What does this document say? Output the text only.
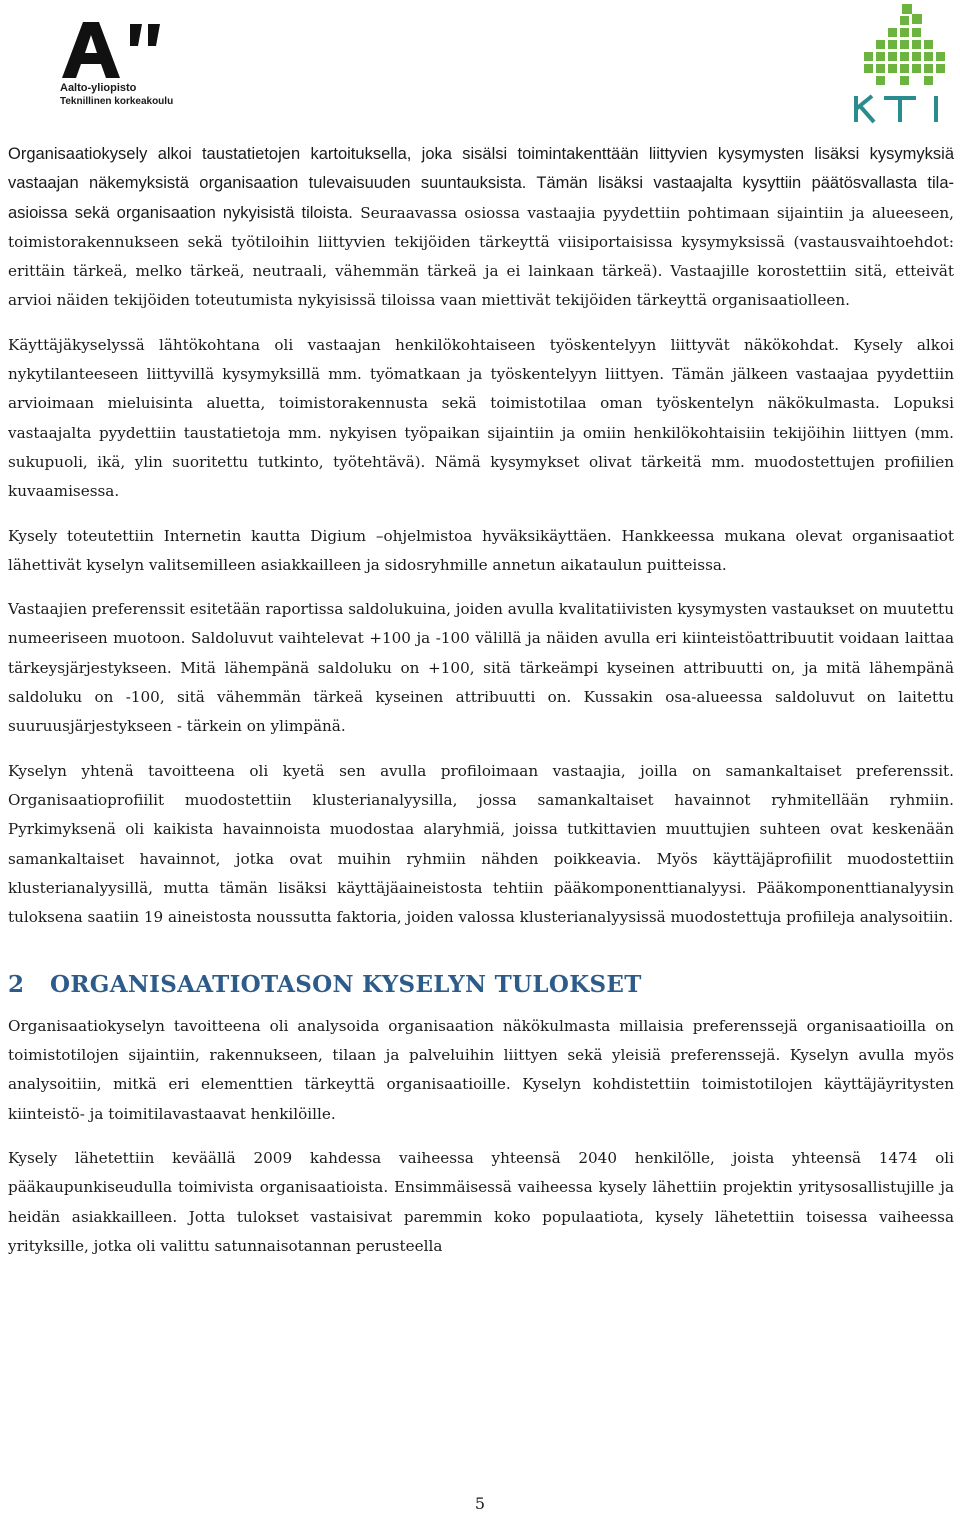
Aalto-yliopisto
Teknillinen korkeakoulu

Organisaatiokysely alkoi taustatietojen kartoituksella, joka sisälsi toimintakenttään liittyvien kysymysten lisäksi kysymyksiä vastaajan näkemyksistä organisaation tulevaisuuden suuntauksista. Tämän lisäksi vastaajalta kysyttiin päätösvallasta tila-asioissa sekä organisaation nykyisistä tiloista. Seuraavassa osiossa vastaajia pyydettiin pohtimaan sijaintiin ja alueeseen, toimistorakennukseen sekä työtiloihin liittyvien tekijöiden tärkeyttä viisiportaisissa kysymyksissä (vastausvaihtoehdot: erittäin tärkeä, melko tärkeä, neutraali, vähemmän tärkeä ja ei lainkaan tärkeä). Vastaajille korostettiin sitä, etteivät arvioi näiden tekijöiden toteutumista nykyisissä tiloissa vaan miettivät tekijöiden tärkeyttä organisaatiolleen.

Käyttäjäkyselyssä lähtökohtana oli vastaajan henkilökohtaiseen työskentelyyn liittyvät näkökohdat. Kysely alkoi nykytilanteeseen liittyvillä kysymyksillä mm. työmatkaan ja työskentelyyn liittyen. Tämän jälkeen vastaajaa pyydettiin arvioimaan mieluisinta aluetta, toimistorakennusta sekä toimistotilaa oman työskentelyn näkökulmasta. Lopuksi vastaajalta pyydettiin taustatietoja mm. nykyisen työpaikan sijaintiin ja omiin henkilökohtaisiin tekijöihin liittyen (mm. sukupuoli, ikä, ylin suoritettu tutkinto, työtehtävä). Nämä kysymykset olivat tärkeitä mm. muodostettujen profiilien kuvaamisessa.

Kysely toteutettiin Internetin kautta Digium –ohjelmistoa hyväksikäyttäen. Hankkeessa mukana olevat organisaatiot lähettivät kyselyn valitsemilleen asiakkailleen ja sidosryhmille annetun aikataulun puitteissa.

Vastaajien preferenssit esitetään raportissa saldolukuina, joiden avulla kvalitatiivisten kysymysten vastaukset on muutettu numeeriseen muotoon. Saldoluvut vaihtelevat +100 ja -100 välillä ja näiden avulla eri kiinteistöattribuutit voidaan laittaa tärkeysjärjestykseen. Mitä lähempänä saldoluku on +100, sitä tärkeämpi kyseinen attribuutti on, ja mitä lähempänä saldoluku on -100, sitä vähemmän tärkeä kyseinen attribuutti on. Kussakin osa-alueessa saldoluvut on laitettu suuruusjärjestykseen - tärkein on ylimpänä.

Kyselyn yhtenä tavoitteena oli kyetä sen avulla profiloimaan vastaajia, joilla on samankaltaiset preferenssit. Organisaatioprofiilit muodostettiin klusterianalyysilla, jossa samankaltaiset havainnot ryhmitellään ryhmiin. Pyrkimyksenä oli kaikista havainnoista muodostaa alaryhmiä, joissa tutkittavien muuttujien suhteen ovat keskenään samankaltaiset havainnot, jotka ovat muihin ryhmiin nähden poikkeavia. Myös käyttäjäprofiilit muodostettiin klusterianalyysillä, mutta tämän lisäksi käyttäjäaineistosta tehtiin pääkomponenttianalyysi. Pääkomponenttianalyysin tuloksena saatiin 19 aineistosta noussutta faktoria, joiden valossa klusterianalyysissä muodostettuja profiileja analysoitiin.

2 ORGANISAATIOTASON KYSELYN TULOKSET

Organisaatiokyselyn tavoitteena oli analysoida organisaation näkökulmasta millaisia preferenssejä organisaatioilla on toimistotilojen sijaintiin, rakennukseen, tilaan ja palveluihin liittyen sekä yleisiä preferenssejä. Kyselyn avulla myös analysoitiin, mitkä eri elementtien tärkeyttä organisaatioille. Kyselyn kohdistettiin toimistotilojen käyttäjäyritysten kiinteistö- ja toimitilavastaavat henkilöille.

Kysely lähetettiin keväällä 2009 kahdessa vaiheessa yhteensä 2040 henkilölle, joista yhteensä 1474 oli pääkaupunkiseudulla toimivista organisaatioista. Ensimmäisessä vaiheessa kysely lähettiin projektin yritysosallistujille ja heidän asiakkailleen. Jotta tulokset vastaisivat paremmin koko populaatiota, kysely lähetettiin toisessa vaiheessa yrityksille, jotka oli valittu satunnaisotannan perusteella

5
